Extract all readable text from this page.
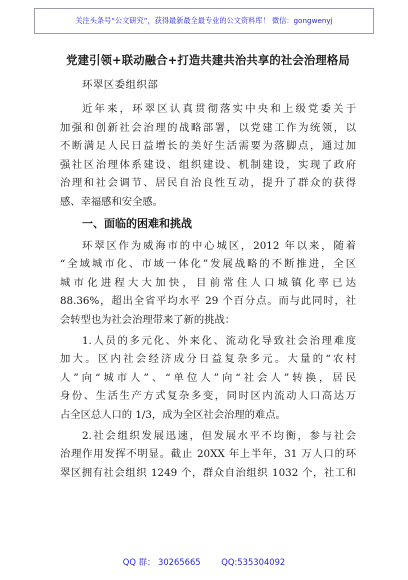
关注头条号“公文研究”，获得最新最全最专业的公文资料库！ 微信：gongwenyj
党建引领+联动融合+打造共建共治共享的社会治理格局
环翠区委组织部
近年来，环翠区认真贯彻落实中央和上级党委关于
加强和创新社会治理的战略部署，以党建工作为统领，以
不断满足人民日益增长的美好生活需要为落脚点，通过加
强社区治理体系建设、组织建设、机制建设，实现了政府
治理和社会调节、居民自治良性互动，提升了群众的获得
感、幸福感和安全感。
一、面临的困难和挑战
环翠区作为威海市的中心城区，2012 年以来，随着
“全域城市化、市域一体化”发展战略的不断推进，全区
城市化进程大大加快，目前常住人口城镇化率已达
88.36%，超出全省平均水平 29 个百分点。而与此同时，社
会转型也为社会治理带来了新的挑战：
1.人员的多元化、外来化、流动化导致社会治理难度
加大。区内社会经济成分日益复杂多元。大量的“农村
人”向“城市人”、“单位人”向“社会人”转换，居民
身份、生活生产方式复杂多变，同时区内流动人口高达万
占全区总人口的 1/3，成为全区社会治理的难点。
2.社会组织发展迅速，但发展水平不均衡，参与社会
治理作用发挥不明显。截止 20XX 年上半年，31 万人口的环
翠区拥有社会组织 1249 个，群众自治组织 1032 个，社工和
QQ 群： 30265665 QQ:535304092
